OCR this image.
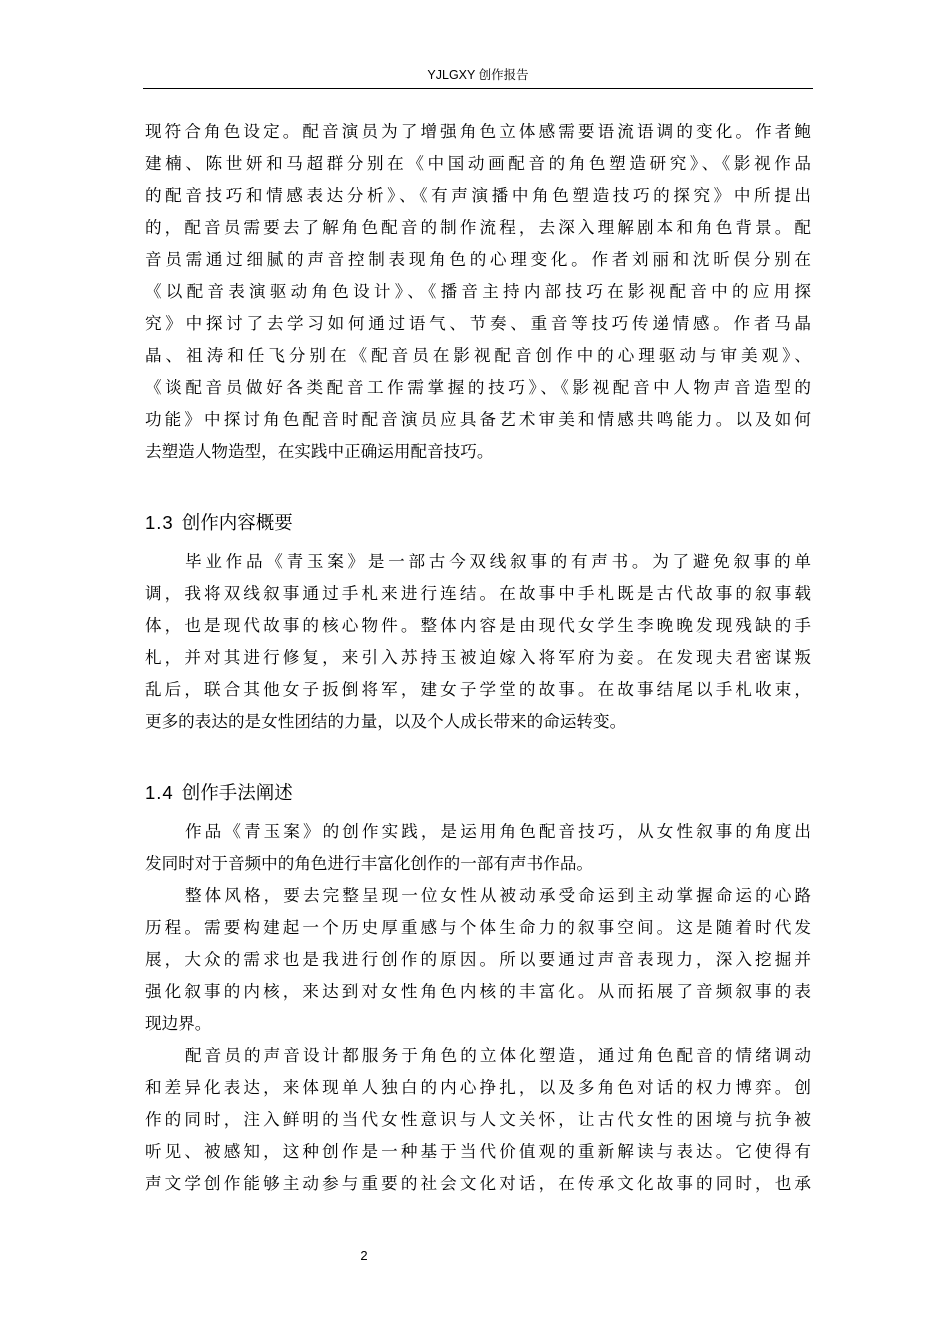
YJLGXY 创作报告
现符合角色设定。配音演员为了增强角色立体感需要语流语调的变化。作者鲍
建楠、陈世妍和马超群分别在《中国动画配音的角色塑造研究》、《影视作品
的配音技巧和情感表达分析》、《有声演播中角色塑造技巧的探究》中所提出
的，配音员需要去了解角色配音的制作流程，去深入理解剧本和角色背景。配
音员需通过细腻的声音控制表现角色的心理变化。作者刘丽和沈昕俣分别在
《以配音表演驱动角色设计》、《播音主持内部技巧在影视配音中的应用探
究》中探讨了去学习如何通过语气、节奏、重音等技巧传递情感。作者马晶
晶、祖涛和任飞分别在《配音员在影视配音创作中的心理驱动与审美观》、
《谈配音员做好各类配音工作需掌握的技巧》、《影视配音中人物声音造型的
功能》中探讨角色配音时配音演员应具备艺术审美和情感共鸣能力。以及如何
去塑造人物造型，在实践中正确运用配音技巧。
1.3 创作内容概要
毕业作品《青玉案》是一部古今双线叙事的有声书。为了避免叙事的单
调，我将双线叙事通过手札来进行连结。在故事中手札既是古代故事的叙事载
体，也是现代故事的核心物件。整体内容是由现代女学生李晚晚发现残缺的手
札，并对其进行修复，来引入苏持玉被迫嫁入将军府为妾。在发现夫君密谋叛
乱后，联合其他女子扳倒将军，建女子学堂的故事。在故事结尾以手札收束，
更多的表达的是女性团结的力量，以及个人成长带来的命运转变。
1.4 创作手法阐述
作品《青玉案》的创作实践，是运用角色配音技巧，从女性叙事的角度出
发同时对于音频中的角色进行丰富化创作的一部有声书作品。
整体风格，要去完整呈现一位女性从被动承受命运到主动掌握命运的心路
历程。需要构建起一个历史厚重感与个体生命力的叙事空间。这是随着时代发
展，大众的需求也是我进行创作的原因。所以要通过声音表现力，深入挖掘并
强化叙事的内核，来达到对女性角色内核的丰富化。从而拓展了音频叙事的表
现边界。
配音员的声音设计都服务于角色的立体化塑造，通过角色配音的情绪调动
和差异化表达，来体现单人独白的内心挣扎，以及多角色对话的权力博弈。创
作的同时，注入鲜明的当代女性意识与人文关怀，让古代女性的困境与抗争被
听见、被感知，这种创作是一种基于当代价值观的重新解读与表达。它使得有
声文学创作能够主动参与重要的社会文化对话，在传承文化故事的同时，也承
2
